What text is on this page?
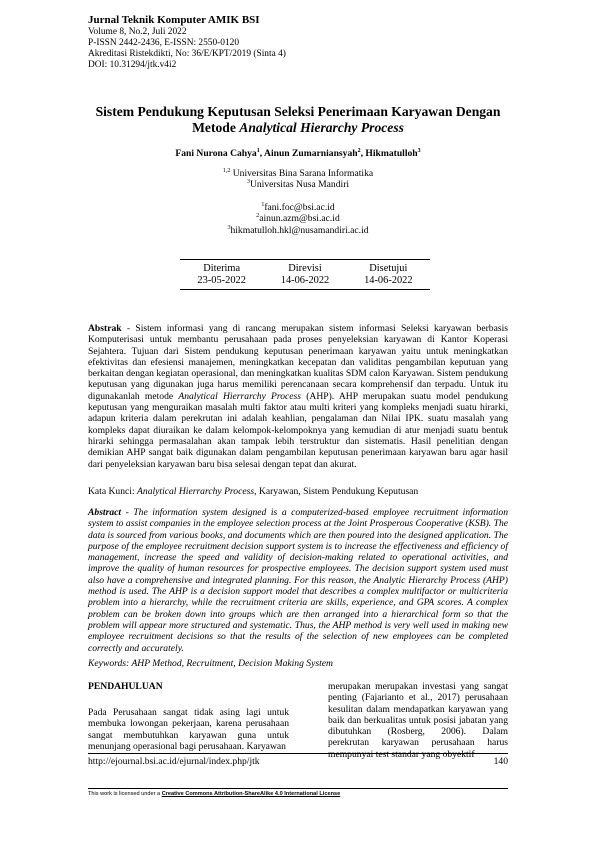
Jurnal Teknik Komputer AMIK BSI
Volume 8, No.2, Juli 2022
P-ISSN 2442-2436, E-ISSN: 2550-0120
Akreditasi Ristekdikti, No: 36/E/KPT/2019 (Sinta 4)
DOI: 10.31294/jtk.v4i2
Sistem Pendukung Keputusan Seleksi Penerimaan Karyawan Dengan
Metode Analytical Hierarchy Process
Fani Nurona Cahya$^1$, Ainun Zumarniansyah$^2$, Hikmatulloh$^3$
$^{1,2}$ Universitas Bina Sarana Informatika
$^3$Universitas Nusa Mandiri
$^1$fani.foc@bsi.ac.id
$^2$ainun.azm@bsi.ac.id
$^3$hikmatulloh.hkl@nusamandiri.ac.id
Diterima
23-05-2022
Direvisi
14-06-2022
Disetujui
14-06-2022
Abstrak - Sistem informasi yang di rancang merupakan sistem informasi Seleksi karyawan berbasis Komputerisasi untuk membantu perusahaan pada proses penyeleksian karyawan di Kantor Koperasi Sejahtera. Tujuan dari Sistem pendukung keputusan penerimaan karyawan yaitu untuk meningkatkan efektivitas dan efesiensi manajemen, meningkatkan kecepatan dan validitas pengambilan keputuan yang berkaitan dengan kegiatan operasional, dan meningkatkan kualitas SDM calon Karyawan. Sistem pendukung keputusan yang digunakan juga harus memiliki perencanaan secara komprehensif dan terpadu. Untuk itu digunakanlah metode Analytical Hierrarchy Process (AHP). AHP merupakan suatu model pendukung keputusan yang menguraikan masalah multi faktor atau multi kriteri yang kompleks menjadi suatu hirarki, adapun kriteria dalam perekrutan ini adalah keahlian, pengalaman dan Nilai IPK. suatu masalah yang kompleks dapat diuraikan ke dalam kelompok-kelompoknya yang kemudian di atur menjadi suatu bentuk hirarki sehingga permasalahan akan tampak lebih terstruktur dan sistematis. Hasil penelitian dengan demikian AHP sangat baik digunakan dalam pengambilan keputusan penerimaan karyawan baru agar hasil dari penyeleksian karyawan baru bisa selesai dengan tepat dan akurat.
Kata Kunci: Analytical Hierrarchy Process, Karyawan, Sistem Pendukung Keputusan
Abstract - The information system designed is a computerized-based employee recruitment information system to assist companies in the employee selection process at the Joint Prosperous Cooperative (KSB). The data is sourced from various books, and documents which are then poured into the designed application. The purpose of the employee recruitment decision support system is to increase the effectiveness and efficiency of management, increase the speed and validity of decision-making related to operational activities, and improve the quality of human resources for prospective employees. The decision support system used must also have a comprehensive and integrated planning. For this reason, the Analytic Hierarchy Process (AHP) method is used. The AHP is a decision support model that describes a complex multifactor or multicriteria problem into a hierarchy, while the recruitment criteria are skills, experience, and GPA scores. A complex problem can be broken down into groups which are then arranged into a hierarchical form so that the problem will appear more structured and systematic. Thus, the AHP method is very well used in making new employee recruitment decisions so that the results of the selection of new employees can be completed correctly and accurately.
Keywords: AHP Method, Recruitment, Decision Making System
PENDAHULUAN
Pada Perusahaan sangat tidak asing lagi untuk membuka lowongan pekerjaan, karena perusahaan sangat membutuhkan karyawan guna untuk menunjang operasional bagi perusahaan. Karyawan
merupakan merupakan investasi yang sangat penting (Fajarianto et al., 2017) perusahaan kesulitan dalam mendapatkan karyawan yang baik dan berkualitas untuk posisi jabatan yang dibutuhkan (Rosberg, 2006). Dalam perekrutan karyawan perusahaan harus mempunyai test standar yang obyektif
http://ejournal.bsi.ac.id/ejurnal/index.php/jtk	140
This work is licensed under a Creative Commons Attribution-ShareAlike 4.0 International License
